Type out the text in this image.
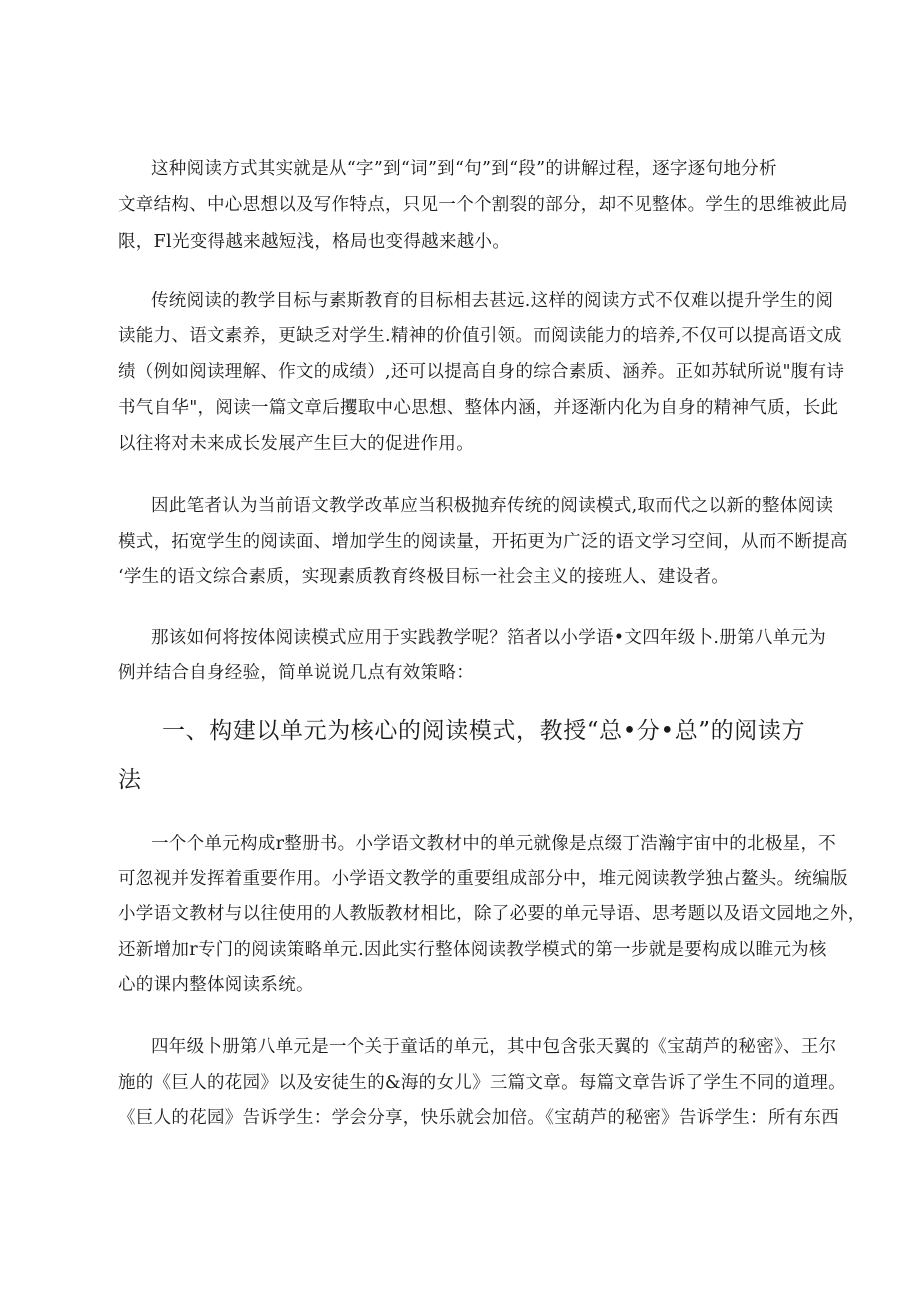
这种阅读方式其实就是从“字”到“词”到“句”到“段”的讲解过程，逐字逐句地分析

文章结构、中心思想以及写作特点，只见一个个割裂的部分，却不见整体。学生的思维被此局

限，Fl光变得越来越短浅，格局也变得越来越小。

传统阅读的教学目标与素斯教育的目标相去甚远.这样的阅读方式不仅难以提升学生的阅

读能力、语文素养，更缺乏对学生.精神的价值引领。而阅读能力的培养,不仅可以提高语文成

绩（例如阅读理解、作文的成绩）,还可以提高自身的综合素质、涵养。正如苏轼所说"腹有诗

书气自华"，阅读一篇文章后攫取中心思想、整体内涵，并逐渐内化为自身的精神气质，长此

以往将对未来成长发展产生巨大的促进作用。

因此笔者认为当前语文教学改革应当积极抛弃传统的阅读模式,取而代之以新的整体阅读

模式，拓宽学生的阅读面、增加学生的阅读量，开拓更为广泛的语文学习空间，从而不断提高

‘学生的语文综合素质，实现素质教育终极目标一社会主义的接班人、建设者。

那该如何将按体阅读模式应用于实践教学呢？箔者以小学语•文四年级卜.册第八单元为

例并结合自身经验，简单说说几点有效策略：

一、构建以单元为核心的阅读模式，教授“总•分•总”的阅读方
法

一个个单元构成r整册书。小学语文教材中的单元就像是点缀丁浩瀚宇宙中的北极星，不

可忽视并发挥着重要作用。小学语文教学的重要组成部分中，堆元阅读教学独占鳌头。统编版

小学语文教材与以往使用的人教版教材相比，除了必要的单元导语、思考题以及语文园地之外，

还新增加r专门的阅读策略单元.因此实行整体阅读教学模式的第一步就是要构成以睢元为核

心的课内整体阅读系统。

四年级卜册第八单元是一个关于童话的单元，其中包含张天翼的《宝葫芦的秘密》、王尔

施的《巨人的花园》以及安徒生的&海的女儿》三篇文章。每篇文章告诉了学生不同的道理。

《巨人的花园》告诉学生：学会分享，快乐就会加倍。《宝葫芦的秘密》告诉学生：所有东西
